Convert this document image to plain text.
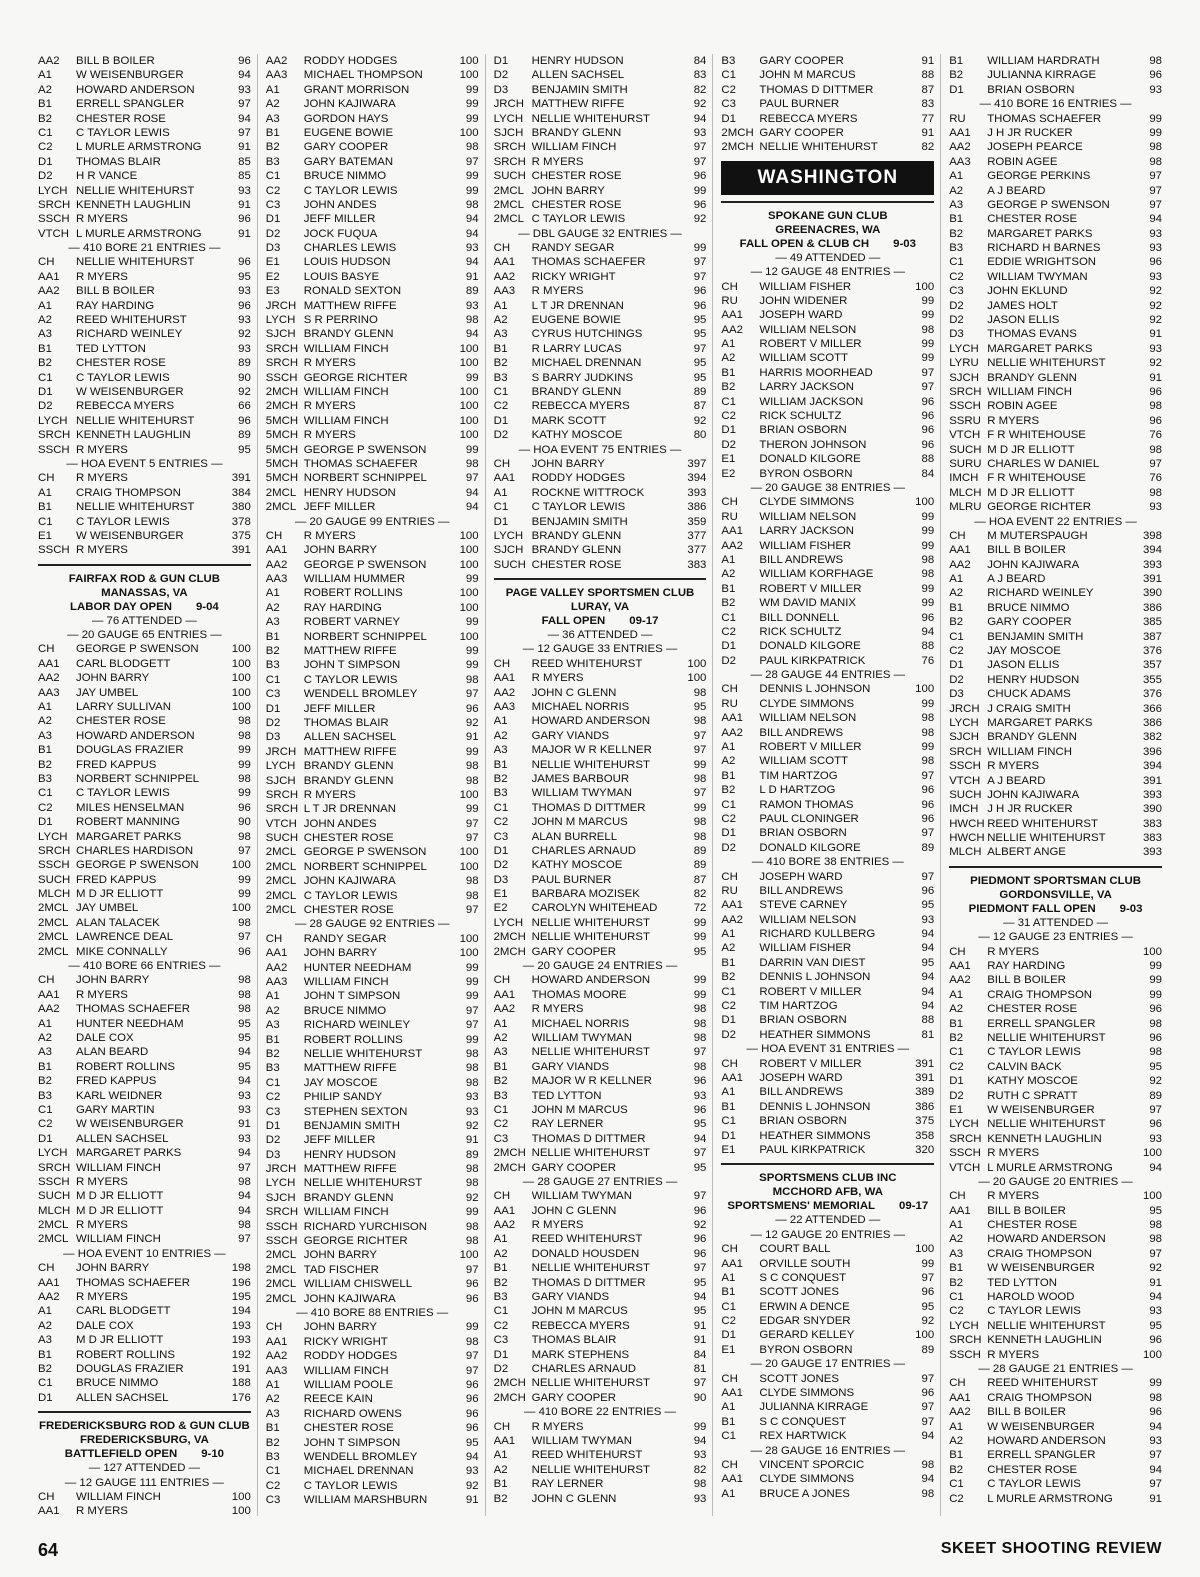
AA2	BILL B BOILER	96
A1	W WEISENBURGER	94
A2	HOWARD ANDERSON	93
B1	ERRELL SPANGLER	97
B2	CHESTER ROSE	94
C1	C TAYLOR LEWIS	97
C2	L MURLE ARMSTRONG	91
D1	THOMAS BLAIR	85
D2	H R VANCE	85
LYCH NELLIE WHITEHURST	93
SRCH KENNETH LAUGHLIN	91
SSCH R MYERS	96
VTCH L MURLE ARMSTRONG	91
— 410 BORE 21 ENTRIES —
CH	NELLIE WHITEHURST	96
AA1	R MYERS	95
AA2	BILL B BOILER	93
A1	RAY HARDING	96
A2	REED WHITEHURST	93
A3	RICHARD WEINLEY	92
B1	TED LYTTON	93
B2	CHESTER ROSE	89
C1	C TAYLOR LEWIS	90
D1	W WEISENBURGER	92
D2	REBECCA MYERS	66
LYCH NELLIE WHITEHURST	96
SRCH KENNETH LAUGHLIN	89
SSCH R MYERS	95
— HOA EVENT 5 ENTRIES —
CH	R MYERS	391
A1	CRAIG THOMPSON	384
B1	NELLIE WHITEHURST	380
C1	C TAYLOR LEWIS	378
E1	W WEISENBURGER	375
SSCH R MYERS	391
FAIRFAX ROD & GUN CLUB
MANASSAS, VA
LABOR DAY OPEN 9-04
— 76 ATTENDED —
— 20 GAUGE 65 ENTRIES —
CH	GEORGE P SWENSON	100
AA1	CARL BLODGETT	100
AA2	JOHN BARRY	100
AA3	JAY UMBEL	100
A1	LARRY SULLIVAN	100
A2	CHESTER ROSE	98
A3	HOWARD ANDERSON	98
B1	DOUGLAS FRAZIER	99
B2	FRED KAPPUS	99
B3	NORBERT SCHNIPPEL	98
C1	C TAYLOR LEWIS	99
C2	MILES HENSELMAN	96
D1	ROBERT MANNING	90
LYCH MARGARET PARKS	98
SRCH CHARLES HARDISON	97
SSCH GEORGE P SWENSON	100
SUCH FRED KAPPUS	99
MLCH M D JR ELLIOTT	99
2MCL JAY UMBEL	100
2MCL ALAN TALACEK	98
2MCL LAWRENCE DEAL	97
2MCL MIKE CONNALLY	96
— 410 BORE 66 ENTRIES —
CH	JOHN BARRY	98
AA1	R MYERS	98
AA2	THOMAS SCHAEFER	98
A1	HUNTER NEEDHAM	95
A2	DALE COX	95
A3	ALAN BEARD	94
B1	ROBERT ROLLINS	95
B2	FRED KAPPUS	94
B3	KARL WEIDNER	93
C1	GARY MARTIN	93
C2	W WEISENBURGER	91
D1	ALLEN SACHSEL	93
LYCH MARGARET PARKS	94
SRCH WILLIAM FINCH	97
SSCH R MYERS	98
SUCH M D JR ELLIOTT	94
MLCH M D JR ELLIOTT	94
2MCL R MYERS	98
2MCL WILLIAM FINCH	97
— HOA EVENT 10 ENTRIES —
CH	JOHN BARRY	198
AA1	THOMAS SCHAEFER	196
AA2	R MYERS	195
A1	CARL BLODGETT	194
A2	DALE COX	193
A3	M D JR ELLIOTT	193
B1	ROBERT ROLLINS	192
B2	DOUGLAS FRAZIER	191
C1	BRUCE NIMMO	188
D1	ALLEN SACHSEL	176
FREDERICKSBURG ROD & GUN CLUB
FREDERICKSBURG, VA
BATTLEFIELD OPEN 9-10
— 127 ATTENDED —
— 12 GAUGE 111 ENTRIES —
CH	WILLIAM FINCH	100
AA1	R MYERS	100
AA2	RODDY HODGES	100
AA3	MICHAEL THOMPSON	100
A1	GRANT MORRISON	99
A2	JOHN KAJIWARA	99
A3	GORDON HAYS	99
B1	EUGENE BOWIE	100
B2	GARY COOPER	98
B3	GARY BATEMAN	97
C1	BRUCE NIMMO	99
C2	C TAYLOR LEWIS	99
C3	JOHN ANDES	98
D1	JEFF MILLER	94
D2	JOCK FUQUA	94
D3	CHARLES LEWIS	93
E1	LOUIS HUDSON	94
E2	LOUIS BASYE	91
E3	RONALD SEXTON	89
JRCH MATTHEW RIFFE	93
LYCH S R PERRINO	98
SJCH BRANDY GLENN	94
SRCH WILLIAM FINCH	100
SRCH R MYERS	100
SSCH GEORGE RICHTER	99
2MCH WILLIAM FINCH	100
2MCH R MYERS	100
5MCH WILLIAM FINCH	100
5MCH R MYERS	100
5MCH GEORGE P SWENSON	99
5MCH THOMAS SCHAEFER	98
5MCH NORBERT SCHNIPPEL	97
2MCL HENRY HUDSON	94
2MCL JEFF MILLER	94
— 20 GAUGE 99 ENTRIES —
CH	R MYERS	100
AA1	JOHN BARRY	100
AA2	GEORGE P SWENSON	100
AA3	WILLIAM HUMMER	99
A1	ROBERT ROLLINS	100
A2	RAY HARDING	100
A3	ROBERT VARNEY	99
B1	NORBERT SCHNIPPEL	100
B2	MATTHEW RIFFE	99
B3	JOHN T SIMPSON	99
C1	C TAYLOR LEWIS	98
C3	WENDELL BROMLEY	97
D1	JEFF MILLER	96
D2	THOMAS BLAIR	92
D3	ALLEN SACHSEL	91
JRCH MATTHEW RIFFE	99
LYCH BRANDY GLENN	98
SJCH BRANDY GLENN	98
SRCH R MYERS	100
SRCH L T JR DRENNAN	99
VTCH JOHN ANDES	97
SUCH CHESTER ROSE	97
2MCL GEORGE P SWENSON	100
2MCL NORBERT SCHNIPPEL	100
2MCL JOHN KAJIWARA	98
2MCL C TAYLOR LEWIS	98
2MCL CHESTER ROSE	97
— 28 GAUGE 92 ENTRIES —
CH	RANDY SEGAR	100
AA1	JOHN BARRY	100
AA2	HUNTER NEEDHAM	99
AA3	WILLIAM FINCH	99
A1	JOHN T SIMPSON	99
A2	BRUCE NIMMO	97
A3	RICHARD WEINLEY	97
B1	ROBERT ROLLINS	99
B2	NELLIE WHITEHURST	98
B3	MATTHEW RIFFE	98
C1	JAY MOSCOE	98
C2	PHILIP SANDY	93
C3	STEPHEN SEXTON	93
D1	BENJAMIN SMITH	92
D2	JEFF MILLER	91
D3	HENRY HUDSON	89
JRCH MATTHEW RIFFE	98
LYCH NELLIE WHITEHURST	98
SJCH BRANDY GLENN	92
SRCH WILLIAM FINCH	99
SSCH RICHARD YURCHISON	98
SSCH GEORGE RICHTER	98
2MCL JOHN BARRY	100
2MCL TAD FISCHER	97
2MCL WILLIAM CHISWELL	96
2MCL JOHN KAJIWARA	96
— 410 BORE 88 ENTRIES —
CH	JOHN BARRY	99
AA1	RICKY WRIGHT	98
AA2	RODDY HODGES	97
AA3	WILLIAM FINCH	97
A1	WILLIAM POOLE	96
A2	REECE KAIN	96
A3	RICHARD OWENS	96
B1	CHESTER ROSE	96
B2	JOHN T SIMPSON	95
B3	WENDELL BROMLEY	94
C1	MICHAEL DRENNAN	93
C2	C TAYLOR LEWIS	92
C3	WILLIAM MARSHBURN	91
D1	HENRY HUDSON	84
D2	ALLEN SACHSEL	83
D3	BENJAMIN SMITH	82
JRCH MATTHEW RIFFE	92
LYCH NELLIE WHITEHURST	94
SJCH BRANDY GLENN	93
SRCH WILLIAM FINCH	97
SRCH R MYERS	97
SUCH CHESTER ROSE	96
2MCL JOHN BARRY	99
2MCL CHESTER ROSE	96
2MCL C TAYLOR LEWIS	92
— DBL GAUGE 32 ENTRIES —
CH	RANDY SEGAR	99
AA1	THOMAS SCHAEFER	97
AA2	RICKY WRIGHT	97
AA3	R MYERS	96
A1	L T JR DRENNAN	96
A2	EUGENE BOWIE	95
A3	CYRUS HUTCHINGS	95
B1	R LARRY LUCAS	97
B2	MICHAEL DRENNAN	95
B3	S BARRY JUDKINS	95
C1	BRANDY GLENN	89
C2	REBECCA MYERS	87
D1	MARK SCOTT	92
D2	KATHY MOSCOE	80
— HOA EVENT 75 ENTRIES —
CH	JOHN BARRY	397
AA1	RODDY HODGES	394
A1	ROCKNE WITTROCK	393
C1	C TAYLOR LEWIS	386
D1	BENJAMIN SMITH	359
LYCH BRANDY GLENN	377
SJCH BRANDY GLENN	377
SUCH CHESTER ROSE	383
PAGE VALLEY SPORTSMEN CLUB
LURAY, VA
FALL OPEN 09-17
— 36 ATTENDED —
— 12 GAUGE 33 ENTRIES —
CH	REED WHITEHURST	100
AA1	R MYERS	100
AA2	JOHN C GLENN	98
AA3	MICHAEL NORRIS	95
A1	HOWARD ANDERSON	98
A2	GARY VIANDS	97
A3	MAJOR W R KELLNER	97
B1	NELLIE WHITEHURST	99
B2	JAMES BARBOUR	98
B3	WILLIAM TWYMAN	97
C1	THOMAS D DITTMER	99
C2	JOHN M MARCUS	98
C3	ALAN BURRELL	98
D1	CHARLES ARNAUD	89
D2	KATHY MOSCOE	89
D3	PAUL BURNER	87
E1	BARBARA MOZISEK	82
E2	CAROLYN WHITEHEAD	72
LYCH NELLIE WHITEHURST	99
2MCH NELLIE WHITEHURST	99
2MCH GARY COOPER	95
— 20 GAUGE 24 ENTRIES —
CH	HOWARD ANDERSON	99
AA1	THOMAS MOORE	99
AA2	R MYERS	98
A1	MICHAEL NORRIS	98
A2	WILLIAM TWYMAN	98
A3	NELLIE WHITEHURST	97
B1	GARY VIANDS	98
B2	MAJOR W R KELLNER	96
B3	TED LYTTON	93
C1	JOHN M MARCUS	96
C2	RAY LERNER	95
C3	THOMAS D DITTMER	94
2MCH NELLIE WHITEHURST	97
2MCH GARY COOPER	95
— 28 GAUGE 27 ENTRIES —
CH	WILLIAM TWYMAN	97
AA1	JOHN C GLENN	96
AA2	R MYERS	92
A1	REED WHITEHURST	96
A2	DONALD HOUSDEN	96
B1	NELLIE WHITEHURST	97
B2	THOMAS D DITTMER	95
B3	GARY VIANDS	94
C1	JOHN M MARCUS	95
C2	REBECCA MYERS	91
C3	THOMAS BLAIR	91
D1	MARK STEPHENS	84
D2	CHARLES ARNAUD	81
2MCH NELLIE WHITEHURST	97
2MCH GARY COOPER	90
— 410 BORE 22 ENTRIES —
CH	R MYERS	99
AA1	WILLIAM TWYMAN	94
A1	REED WHITEHURST	93
A2	NELLIE WHITEHURST	82
B1	RAY LERNER	98
B2	JOHN C GLENN	93
B3	GARY COOPER	91
C1	JOHN M MARCUS	88
C2	THOMAS D DITTMER	87
C3	PAUL BURNER	83
D1	REBECCA MYERS	77
2MCH GARY COOPER	91
2MCH NELLIE WHITEHURST	82
WASHINGTON
SPOKANE GUN CLUB
GREENACRES, WA
FALL OPEN & CLUB CH 9-03
— 49 ATTENDED —
— 12 GAUGE 48 ENTRIES —
CH	WILLIAM FISHER	100
RU	JOHN WIDENER	99
AA1	JOSEPH WARD	99
AA2	WILLIAM NELSON	98
A1	ROBERT V MILLER	99
A2	WILLIAM SCOTT	99
B1	HARRIS MOORHEAD	97
B2	LARRY JACKSON	97
C1	WILLIAM JACKSON	96
C2	RICK SCHULTZ	96
D1	BRIAN OSBORN	96
D2	THERON JOHNSON	96
E1	DONALD KILGORE	88
E2	BYRON OSBORN	84
— 20 GAUGE 38 ENTRIES —
CH	CLYDE SIMMONS	100
RU	WILLIAM NELSON	99
AA1	LARRY JACKSON	99
AA2	WILLIAM FISHER	99
A1	BILL ANDREWS	98
A2	WILLIAM KORFHAGE	98
B1	ROBERT V MILLER	99
B2	WM DAVID MANIX	99
C1	BILL DONNELL	96
C2	RICK SCHULTZ	94
D1	DONALD KILGORE	88
D2	PAUL KIRKPATRICK	76
— 28 GAUGE 44 ENTRIES —
CH	DENNIS L JOHNSON	100
RU	CLYDE SIMMONS	99
AA1	WILLIAM NELSON	98
AA2	BILL ANDREWS	98
A1	ROBERT V MILLER	99
A2	WILLIAM SCOTT	98
B1	TIM HARTZOG	97
B2	L D HARTZOG	96
C1	RAMON THOMAS	96
C2	PAUL CLONINGER	96
D1	BRIAN OSBORN	97
D2	DONALD KILGORE	89
— 410 BORE 38 ENTRIES —
CH	JOSEPH WARD	97
RU	BILL ANDREWS	96
AA1	STEVE CARNEY	95
AA2	WILLIAM NELSON	93
A1	RICHARD KULLBERG	94
A2	WILLIAM FISHER	94
B1	DARRIN VAN DIEST	95
B2	DENNIS L JOHNSON	94
C1	ROBERT V MILLER	94
C2	TIM HARTZOG	94
D1	BRIAN OSBORN	88
D2	HEATHER SIMMONS	81
— HOA EVENT 31 ENTRIES —
CH	ROBERT V MILLER	391
AA1	JOSEPH WARD	391
A1	BILL ANDREWS	389
B1	DENNIS L JOHNSON	386
C1	BRIAN OSBORN	375
D1	HEATHER SIMMONS	358
E1	PAUL KIRKPATRICK	320
SPORTSMENS CLUB INC
MCCHORD AFB, WA
SPORTSMENS' MEMORIAL 09-17
— 22 ATTENDED —
— 12 GAUGE 20 ENTRIES —
CH	COURT BALL	100
AA1	ORVILLE SOUTH	99
A1	S C CONQUEST	97
B1	SCOTT JONES	96
C1	ERWIN A DENCE	95
C2	EDGAR SNYDER	92
D1	GERARD KELLEY	100
E1	BYRON OSBORN	89
— 20 GAUGE 17 ENTRIES —
CH	SCOTT JONES	97
AA1	CLYDE SIMMONS	96
A1	JULIANNA KIRRAGE	97
B1	S C CONQUEST	97
C1	REX HARTWICK	94
— 28 GAUGE 16 ENTRIES —
CH	VINCENT SPORCIC	98
AA1	CLYDE SIMMONS	94
A1	BRUCE A JONES	98
B1	WILLIAM HARDRATH	98
B2	JULIANNA KIRRAGE	96
D1	BRIAN OSBORN	93
— 410 BORE 16 ENTRIES —
RU	THOMAS SCHAEFER	99
AA1	J H JR RUCKER	99
AA2	JOSEPH PEARCE	98
AA3	ROBIN AGEE	98
A1	GEORGE PERKINS	97
A2	A J BEARD	97
A3	GEORGE P SWENSON	97
B1	CHESTER ROSE	94
B2	MARGARET PARKS	93
B3	RICHARD H BARNES	93
C1	EDDIE WRIGHTSON	96
C2	WILLIAM TWYMAN	93
C3	JOHN EKLUND	92
D2	JAMES HOLT	92
D2	JASON ELLIS	92
D3	THOMAS EVANS	91
LYCH MARGARET PARKS	93
LYRU NELLIE WHITEHURST	92
SJCH BRANDY GLENN	91
SRCH WILLIAM FINCH	96
SSCH ROBIN AGEE	98
SSRU R MYERS	96
VTCH F R WHITEHOUSE	76
SUCH M D JR ELLIOTT	98
SURU CHARLES W DANIEL	97
IMCH F R WHITEHOUSE	76
MLCH M D JR ELLIOTT	98
MLRU GEORGE RICHTER	93
— HOA EVENT 22 ENTRIES —
CH	M MUTERSPAUGH	398
AA1	BILL B BOILER	394
AA2	JOHN KAJIWARA	393
A1	A J BEARD	391
A2	RICHARD WEINLEY	390
B1	BRUCE NIMMO	386
B2	GARY COOPER	385
C1	BENJAMIN SMITH	387
C2	JAY MOSCOE	376
D1	JASON ELLIS	357
D2	HENRY HUDSON	355
D3	CHUCK ADAMS	376
JRCH J CRAIG SMITH	366
LYCH MARGARET PARKS	386
SJCH BRANDY GLENN	382
SRCH WILLIAM FINCH	396
SSCH R MYERS	394
VTCH A J BEARD	391
SUCH JOHN KAJIWARA	393
IMCH J H JR RUCKER	390
HWCH REED WHITEHURST	383
HWCH NELLIE WHITEHURST	383
MLCH ALBERT ANGE	393
PIEDMONT SPORTSMAN CLUB
GORDONSVILLE, VA
PIEDMONT FALL OPEN 9-03
— 31 ATTENDED —
— 12 GAUGE 23 ENTRIES —
CH	R MYERS	100
AA1	RAY HARDING	99
AA2	BILL B BOILER	99
A1	CRAIG THOMPSON	99
A2	CHESTER ROSE	96
B1	ERRELL SPANGLER	98
B2	NELLIE WHITEHURST	96
C1	C TAYLOR LEWIS	98
C2	CALVIN BACK	95
D1	KATHY MOSCOE	92
D2	RUTH C SPRATT	89
E1	W WEISENBURGER	97
LYCH NELLIE WHITEHURST	96
SRCH KENNETH LAUGHLIN	93
SSCH R MYERS	100
VTCH L MURLE ARMSTRONG	94
— 20 GAUGE 20 ENTRIES —
CH	R MYERS	100
AA1	BILL B BOILER	95
A1	CHESTER ROSE	98
A2	HOWARD ANDERSON	98
A3	CRAIG THOMPSON	97
B1	W WEISENBURGER	92
B2	TED LYTTON	91
C1	HAROLD WOOD	94
C2	C TAYLOR LEWIS	93
LYCH NELLIE WHITEHURST	95
SRCH KENNETH LAUGHLIN	96
SSCH R MYERS	100
— 28 GAUGE 21 ENTRIES —
CH	REED WHITEHURST	99
AA1	CRAIG THOMPSON	98
AA2	BILL B BOILER	96
A1	W WEISENBURGER	94
A2	HOWARD ANDERSON	93
B1	ERRELL SPANGLER	97
B2	CHESTER ROSE	94
C1	C TAYLOR LEWIS	97
C2	L MURLE ARMSTRONG	91
64	SKEET SHOOTING REVIEW
